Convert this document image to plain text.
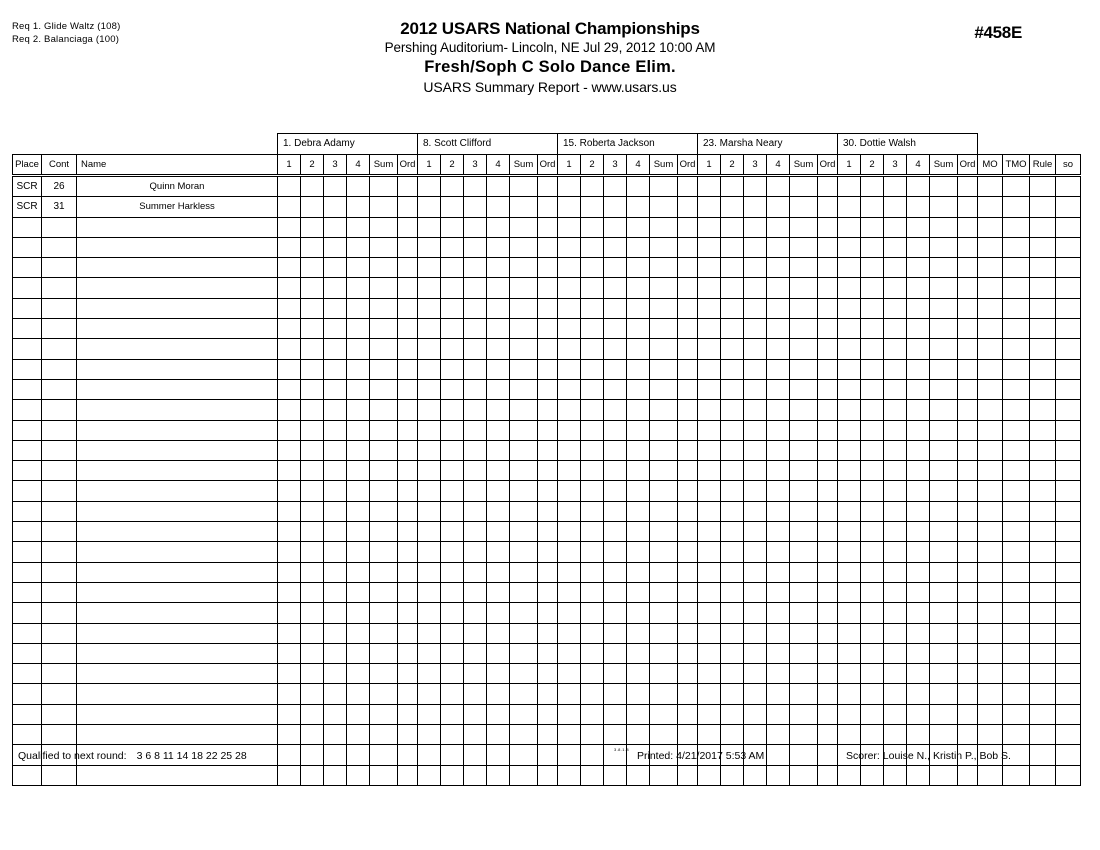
Req 1. Glide Waltz (108)
Req 2. Balanciaga (100)
2012 USARS National Championships
Pershing Auditorium- Lincoln, NE Jul 29, 2012 10:00 AM
Fresh/Soph C Solo Dance Elim.
USARS Summary Report - www.usars.us
#458E
			1. Debra Adamy						8. Scott Clifford						15. Roberta Jackson						23. Marsha Neary						30. Dottie Walsh									
Place	Cont	Name	1	2	3	4	Sum	Ord	1	2	3	4	Sum	Ord	1	2	3	4	Sum	Ord	1	2	3	4	Sum	Ord	1	2	3	4	Sum	Ord	MO	TMO	Rule	so
SCR	26	Quinn Moran																																		
SCR	31	Summer Harkless																																		

Qualified to next round: 3 6 8 11 14 18 22 25 28
3.8.1.8
Printed: 4/21/2017 5:53 AM	Scorer: Louise N., Kristin P., Bob S.
